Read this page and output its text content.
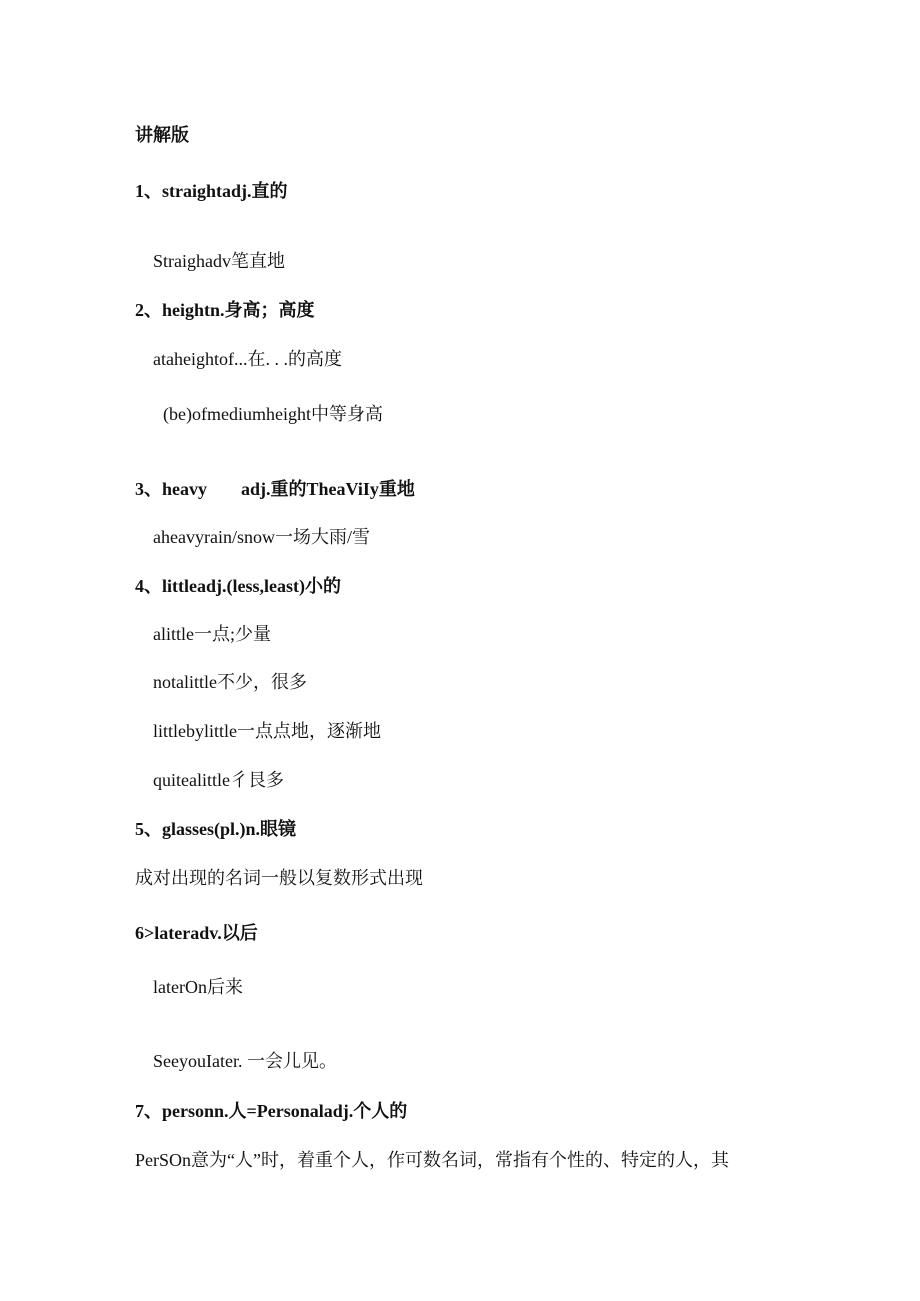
讲解版
1、straightadj.直的
Straighadv笔直地
2、heightn.身高；高度
ataheightof...在. . .的高度
(be)ofmediumheight中等身高
3、heavy adj.重的TheaViIy重地
aheavyrain/snow一场大雨/雪
4、littleadj.(less,least)小的
alittle一点;少量
notalittle不少，很多
littlebylittle一点点地，逐渐地
quitealittle彳艮多
5、glasses(pl.)n.眼镜
成对出现的名词一般以复数形式出现
6>lateradv.以后
laterOn后来
SeeyouIater. 一会儿见。
7、personn.人=Personaladj.个人的
PerSOn意为“人”时，着重个人，作可数名词，常指有个性的、特定的人，其
